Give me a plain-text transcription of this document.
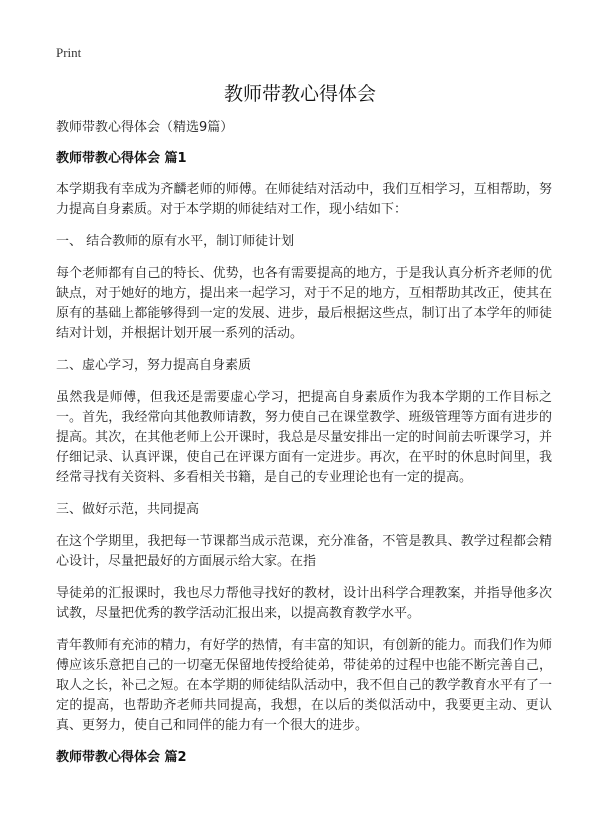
Print
教师带教心得体会

教师带教心得体会（精选9篇）

教师带教心得体会 篇1

本学期我有幸成为齐麟老师的师傅。在师徒结对活动中，我们互相学习，互相帮助，努力提高自身素质。对于本学期的师徒结对工作，现小结如下：

一、 结合教师的原有水平，制订师徒计划

每个老师都有自己的特长、优势，也各有需要提高的地方，于是我认真分析齐老师的优缺点，对于她好的地方，提出来一起学习，对于不足的地方，互相帮助其改正，使其在原有的基础上都能够得到一定的发展、进步，最后根据这些点，制订出了本学年的师徒结对计划，并根据计划开展一系列的活动。

二、虚心学习，努力提高自身素质

虽然我是师傅，但我还是需要虚心学习，把提高自身素质作为我本学期的工作目标之一。首先，我经常向其他教师请教，努力使自己在课堂教学、班级管理等方面有进步的提高。其次，在其他老师上公开课时，我总是尽量安排出一定的时间前去听课学习，并仔细记录、认真评课，使自己在评课方面有一定进步。再次，在平时的休息时间里，我经常寻找有关资料、多看相关书籍，是自己的专业理论也有一定的提高。

三、做好示范，共同提高

在这个学期里，我把每一节课都当成示范课，充分准备，不管是教具、教学过程都会精心设计，尽量把最好的方面展示给大家。在指

导徒弟的汇报课时，我也尽力帮他寻找好的教材，设计出科学合理教案，并指导他多次试教，尽量把优秀的教学活动汇报出来，以提高教育教学水平。

青年教师有充沛的精力，有好学的热情，有丰富的知识，有创新的能力。而我们作为师傅应该乐意把自己的一切毫无保留地传授给徒弟，带徒弟的过程中也能不断完善自己，取人之长，补己之短。在本学期的师徒结队活动中，我不但自己的教学教育水平有了一定的提高，也帮助齐老师共同提高，我想，在以后的类似活动中，我要更主动、更认真、更努力，使自己和同伴的能力有一个很大的进步。

教师带教心得体会 篇2
